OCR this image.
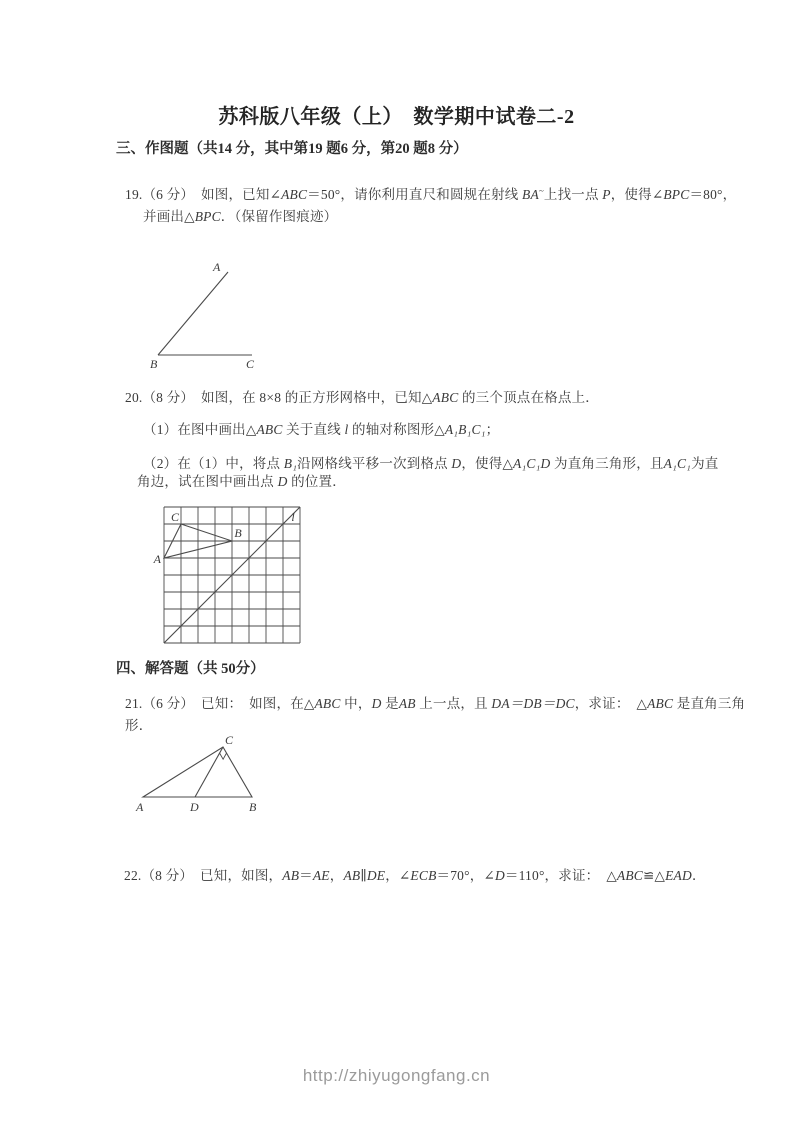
苏科版八年级（上）　数学期中试卷二-2
三、作图题（共14 分，其中第19 题6 分，第20 题8 分）
19.（6 分）　如图，已知∠ABC＝50°，请你利用直尺和圆规在射线 BA~上找一点 P，使得∠BPC＝80°，
并画出△BPC．（保留作图痕迹）
A
B	C
20.（8 分）　如图，在 8×8 的正方形网格中，已知△ABC 的三个顶点在格点上．
（1）在图中画出△ABC 关于直线 l 的轴对称图形△A₁B₁C₁；
（2）在（1）中，将点 B₁沿网格线平移一次到格点 D，使得△A₁C₁D 为直角三角形，且A₁C₁为直
角边，试在图中画出点 D 的位置．
A
C
B
l
四、解答题（共 50分）
21.（6 分）　已知：　如图，在△ABC 中，D 是AB 上一点，且 DA＝DB＝DC，求证：　△ABC 是直角三角
形．
A	D	B
C
22.（8 分）　已知，如图，AB＝AE，AB∥DE，∠ECB＝70°，∠D＝110°，求证：　△ABC≌△EAD．
http://zhiyugongfang.cn
